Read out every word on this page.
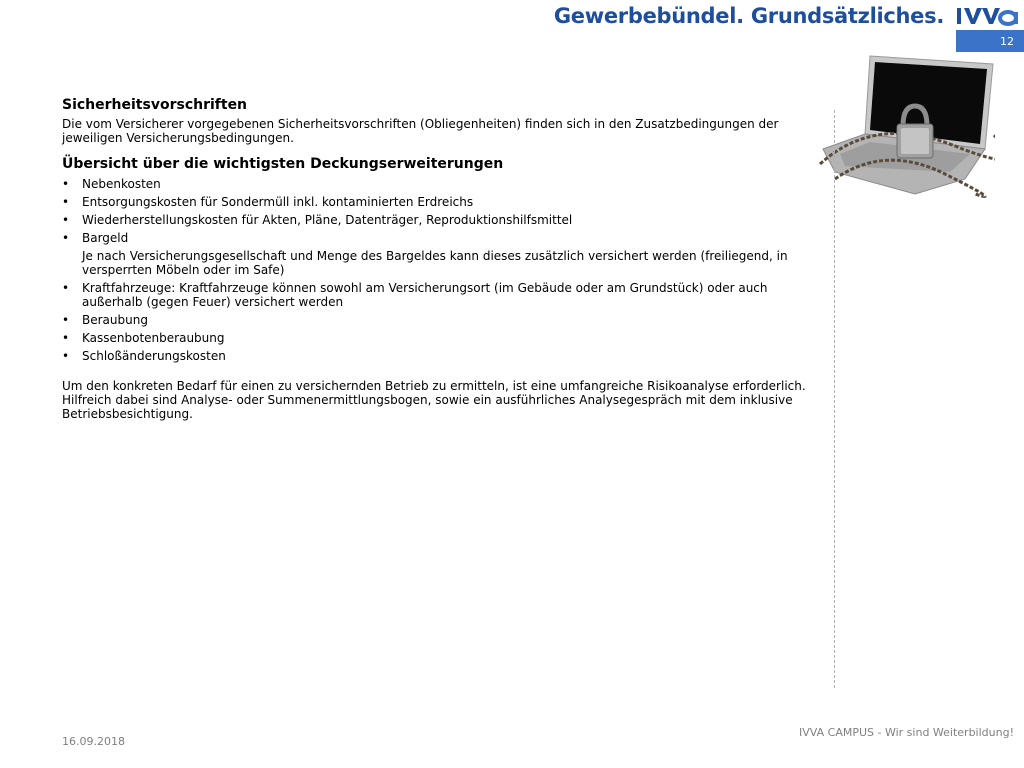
Gewerbebündel. Grundsätzliches.
12
Sicherheitsvorschriften

Die vom Versicherer vorgegebenen Sicherheitsvorschriften (Obliegenheiten) finden sich in den Zusatzbedingungen der jeweiligen Versicherungsbedingungen.

Übersicht über die wichtigsten Deckungserweiterungen
• Nebenkosten
• Entsorgungskosten für Sondermüll inkl. kontaminierten Erdreichs
• Wiederherstellungskosten für Akten, Pläne, Datenträger, Reproduktionshilfsmittel
• Bargeld
Je nach Versicherungsgesellschaft und Menge des Bargeldes kann dieses zusätzlich versichert werden (freiliegend, in versperrten Möbeln oder im Safe)
• Kraftfahrzeuge: Kraftfahrzeuge können sowohl am Versicherungsort (im Gebäude oder am Grundstück) oder auch außerhalb (gegen Feuer) versichert werden
• Beraubung
• Kassenbotenberaubung
• Schloßänderungskosten

Um den konkreten Bedarf für einen zu versichernden Betrieb zu ermitteln, ist eine umfangreiche Risikoanalyse erforderlich. Hilfreich dabei sind Analyse- oder Summenermittlungsbogen, sowie ein ausführliches Analysegespräch mit dem inklusive Betriebsbesichtigung.

16.09.2018
IVVA CAMPUS - Wir sind Weiterbildung!
